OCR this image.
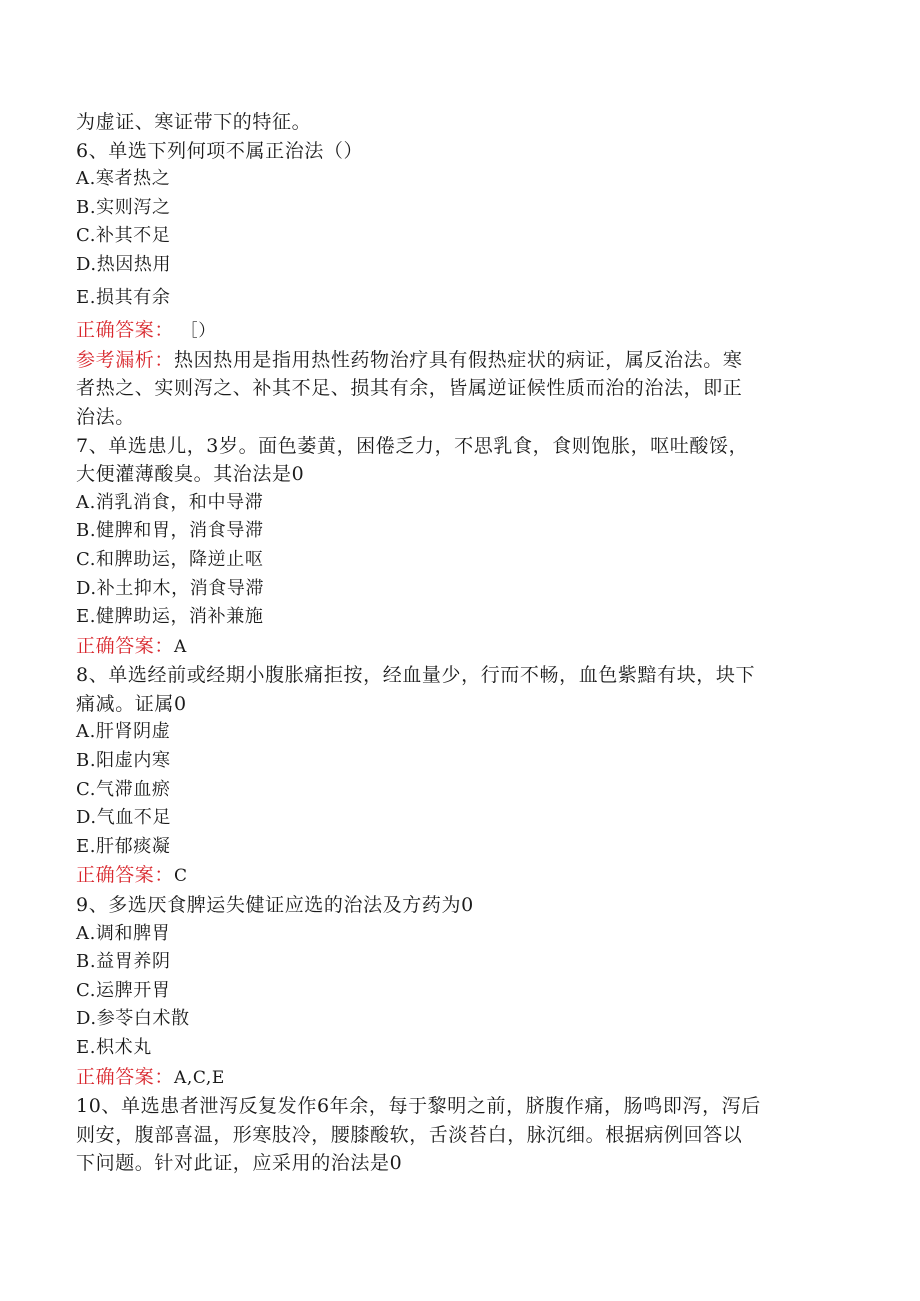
为虚证、寒证带下的特征。
6、单选下列何项不属正治法（）
A.寒者热之
B.实则泻之
C.补其不足
D.热因热用
E.损其有余
正确答案： ［）
参考漏析：热因热用是指用热性药物治疗具有假热症状的病证，属反治法。寒
者热之、实则泻之、补其不足、损其有余，皆属逆证候性质而治的治法，即正
治法。
7、单选患儿，3岁。面色萎黄，困倦乏力，不思乳食，食则饱胀，呕吐酸馁，
大便灌薄酸臭。其治法是0
A.消乳消食，和中导滞
B.健脾和胃，消食导滞
C.和脾助运，降逆止呕
D.补土抑木，消食导滞
E.健脾助运，消补兼施
正确答案：A
8、单选经前或经期小腹胀痛拒按，经血量少，行而不畅，血色紫黯有块，块下
痛减。证属0
A.肝肾阴虚
B.阳虚内寒
C.气滞血瘀
D.气血不足
E.肝郁痰凝
正确答案：C
9、多选厌食脾运失健证应选的治法及方药为0
A.调和脾胃
B.益胃养阴
C.运脾开胃
D.参苓白术散
E.枳术丸
正确答案：A,C,E
10、单选患者泄泻反复发作6年余，每于黎明之前，脐腹作痛，肠鸣即泻，泻后
则安，腹部喜温，形寒肢冷，腰膝酸软，舌淡苔白，脉沉细。根据病例回答以
下问题。针对此证，应采用的治法是0
